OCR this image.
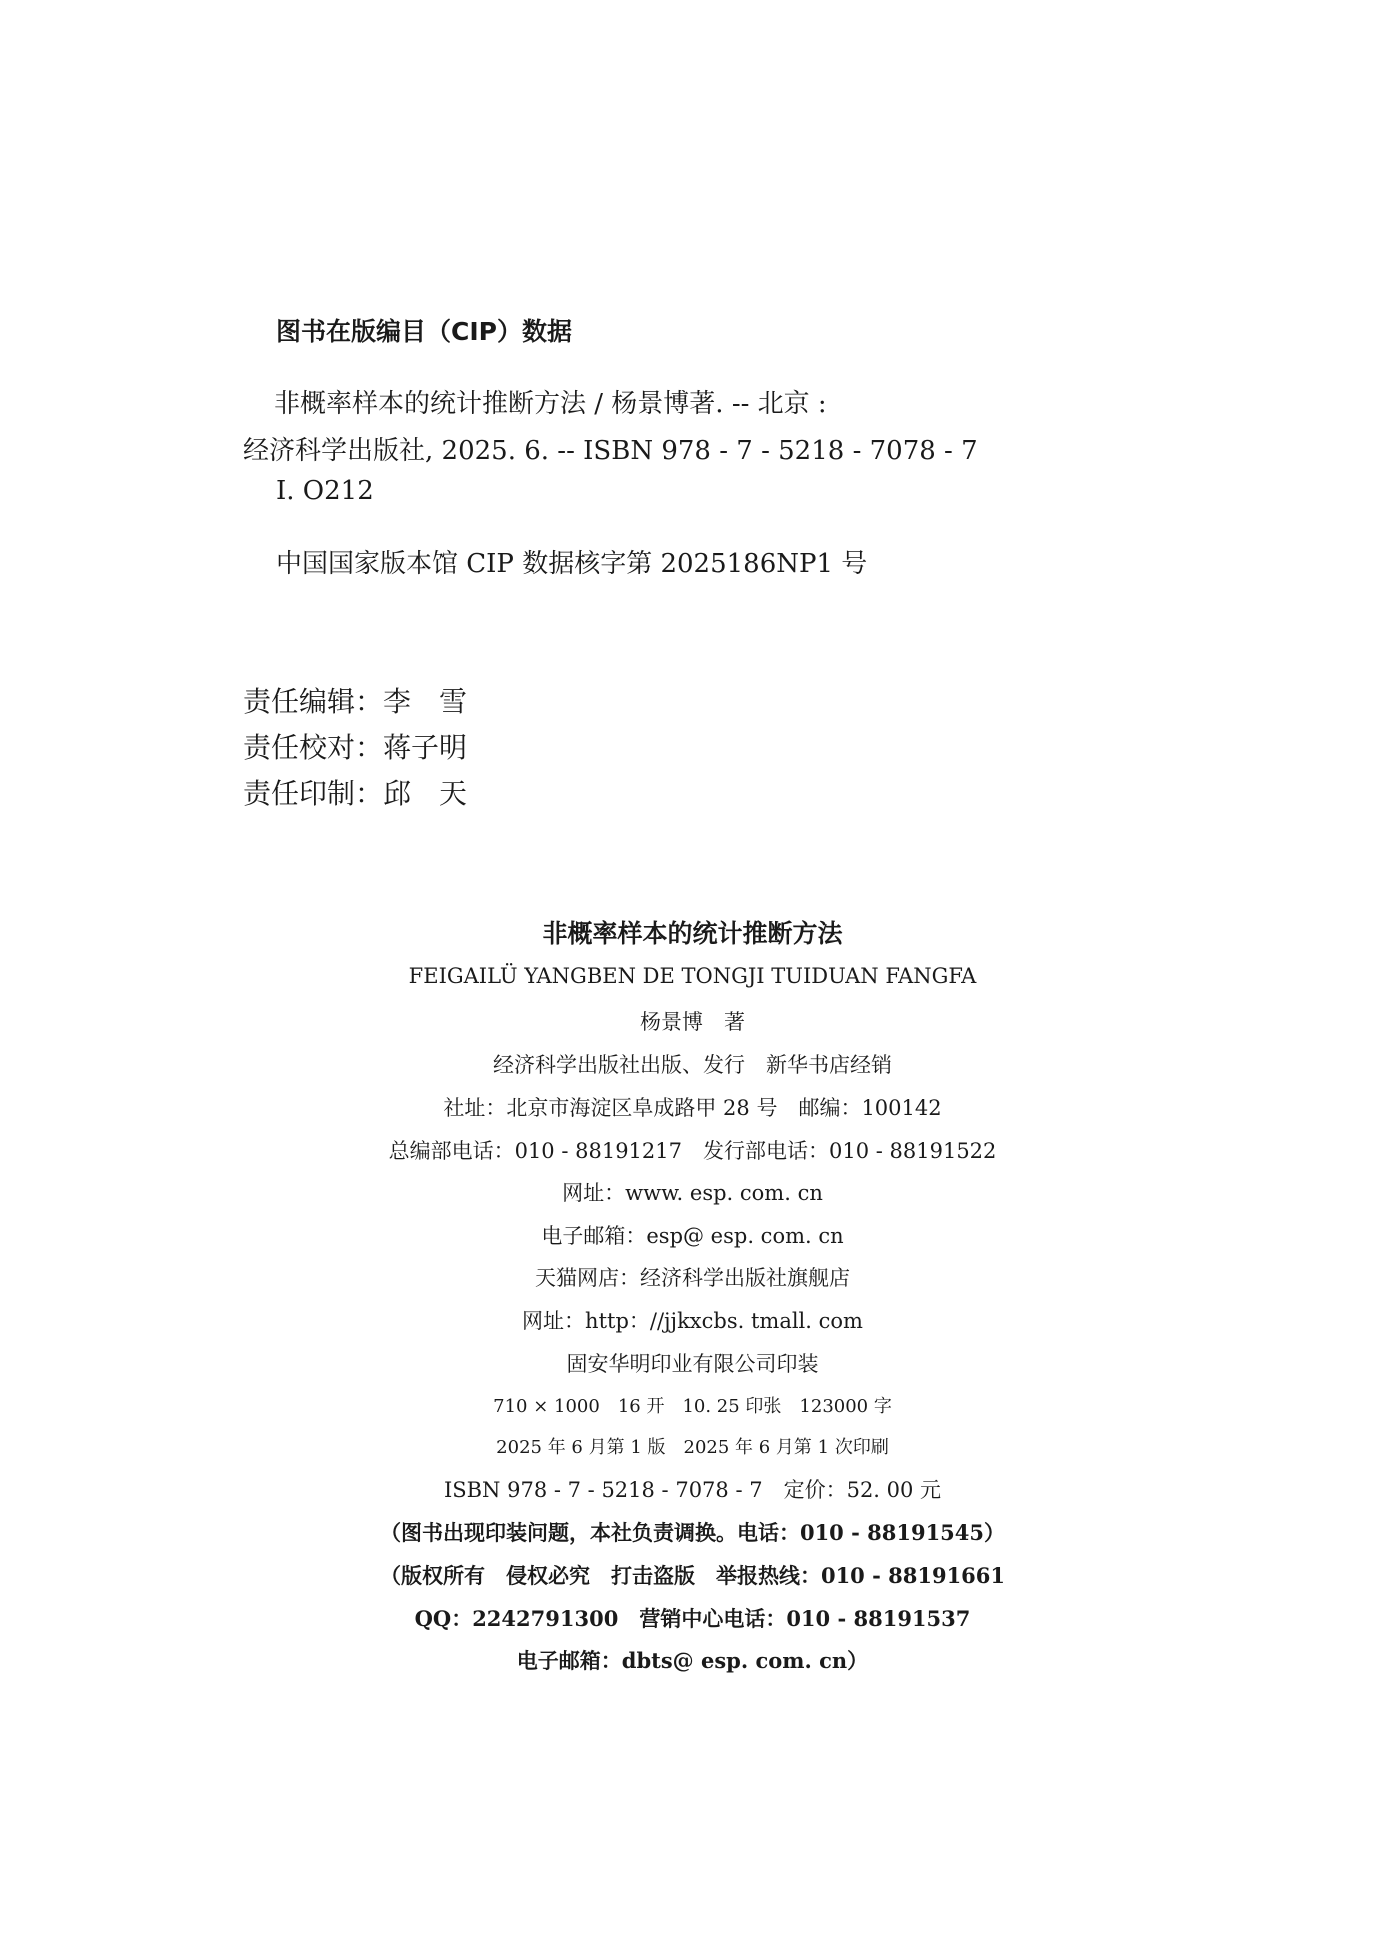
图书在版编目（CIP）数据
非概率样本的统计推断方法 / 杨景博著. -- 北京 :
经济科学出版社, 2025. 6. -- ISBN 978 - 7 - 5218 - 7078 - 7
Ⅰ. O212
中国国家版本馆 CIP 数据核字第 2025186NP1 号
责任编辑：李　雪
责任校对：蒋子明
责任印制：邱　天
非概率样本的统计推断方法
FEIGAILÜ YANGBEN DE TONGJI TUIDUAN FANGFA
杨景博　著
经济科学出版社出版、发行　新华书店经销
社址：北京市海淀区阜成路甲 28 号　邮编：100142
总编部电话：010 - 88191217　发行部电话：010 - 88191522
网址：www. esp. com. cn
电子邮箱：esp@ esp. com. cn
天猫网店：经济科学出版社旗舰店
网址：http：//jjkxcbs. tmall. com
固安华明印业有限公司印装
710 × 1000　16 开　10. 25 印张　123000 字
2025 年 6 月第 1 版　2025 年 6 月第 1 次印刷
ISBN 978 - 7 - 5218 - 7078 - 7　定价：52. 00 元
（图书出现印装问题，本社负责调换。电话：010 - 88191545）
（版权所有　侵权必究　打击盗版　举报热线：010 - 88191661
QQ：2242791300　营销中心电话：010 - 88191537
电子邮箱：dbts@ esp. com. cn）
